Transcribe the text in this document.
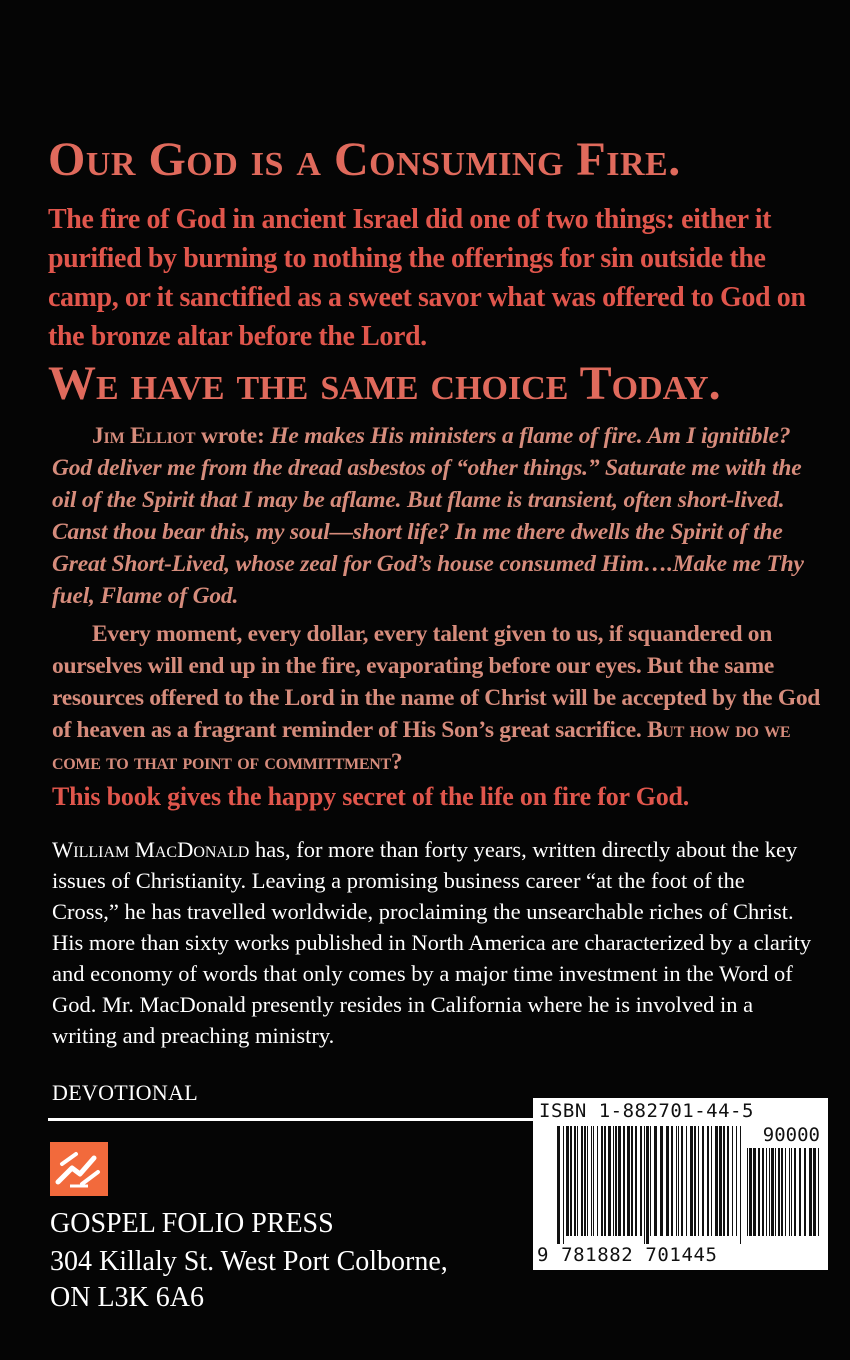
Our God is a Consuming Fire.

The fire of God in ancient Israel did one of two things: either it purified by burning to nothing the offerings for sin outside the camp, or it sanctified as a sweet savor what was offered to God on the bronze altar before the Lord.

We have the same choice Today.

Jim Elliot wrote: He makes His ministers a flame of fire. Am I ignitible? God deliver me from the dread asbestos of “other things.” Saturate me with the oil of the Spirit that I may be aflame. But flame is transient, often short-lived. Canst thou bear this, my soul—short life? In me there dwells the Spirit of the Great Short-Lived, whose zeal for God’s house consumed Him….Make me Thy fuel, Flame of God.

Every moment, every dollar, every talent given to us, if squandered on ourselves will end up in the fire, evaporating before our eyes. But the same resources offered to the Lord in the name of Christ will be accepted by the God of heaven as a fragrant reminder of His Son’s great sacrifice. But how do we come to that point of committment?

This book gives the happy secret of the life on fire for God.

William MacDonald has, for more than forty years, written directly about the key issues of Christianity. Leaving a promising business career “at the foot of the Cross,” he has travelled worldwide, proclaiming the unsearchable riches of Christ. His more than sixty works published in North America are characterized by a clarity and economy of words that only comes by a major time investment in the Word of God. Mr. MacDonald presently resides in California where he is involved in a writing and preaching ministry.

DEVOTIONAL

GOSPEL FOLIO PRESS

304 Killaly St. West Port Colborne,

ON L3K 6A6

ISBN 1-882701-44-5

90000

9 781882 701445
